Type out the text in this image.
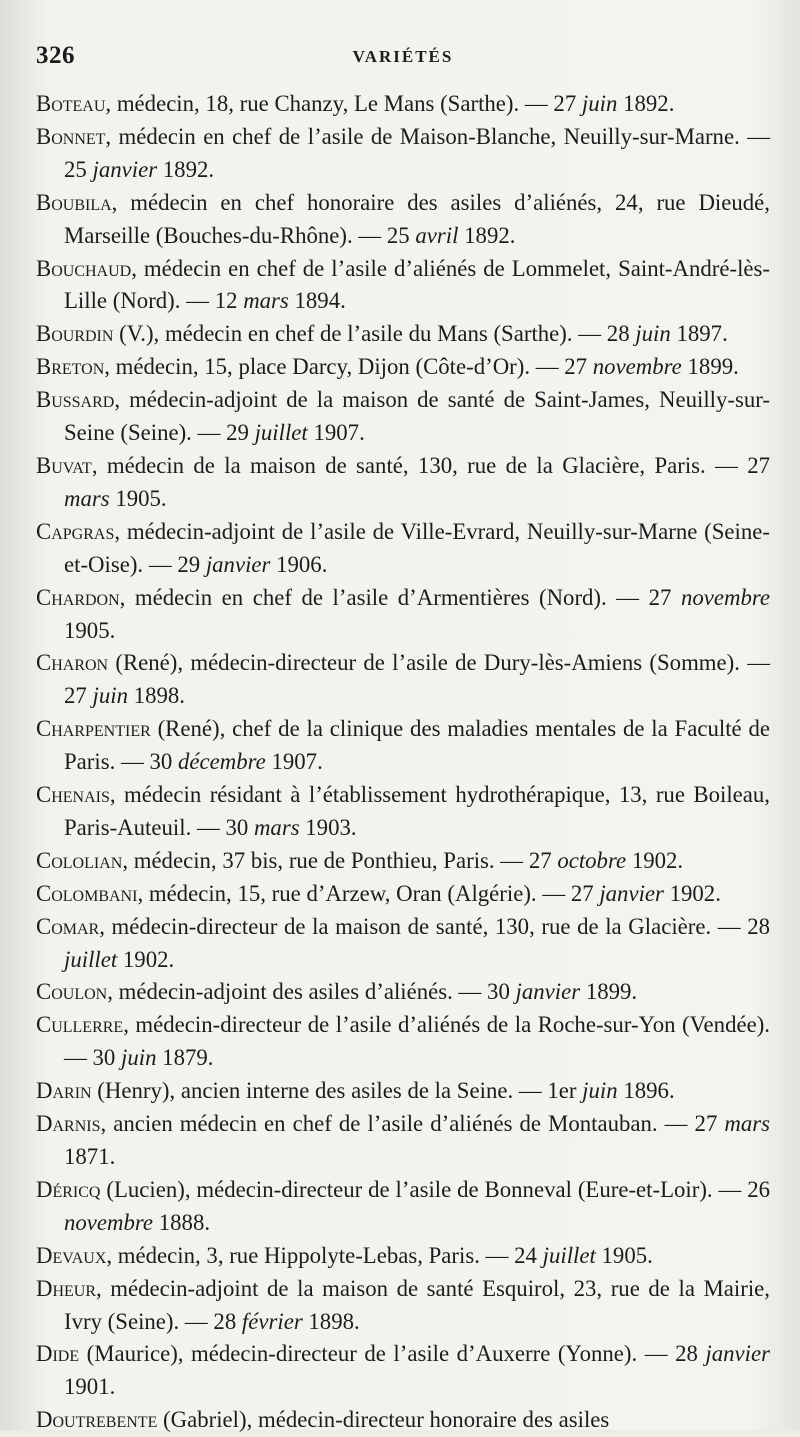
326	VARIÉTÉS
Boteau, médecin, 18, rue Chanzy, Le Mans (Sarthe). — 27 juin 1892.
Bonnet, médecin en chef de l’asile de Maison-Blanche, Neuilly-sur-Marne. — 25 janvier 1892.
Boubila, médecin en chef honoraire des asiles d’aliénés, 24, rue Dieudé, Marseille (Bouches-du-Rhône). — 25 avril 1892.
Bouchaud, médecin en chef de l’asile d’aliénés de Lommelet, Saint-André-lès-Lille (Nord). — 12 mars 1894.
Bourdin (V.), médecin en chef de l’asile du Mans (Sarthe). — 28 juin 1897.
Breton, médecin, 15, place Darcy, Dijon (Côte-d’Or). — 27 novembre 1899.
Bussard, médecin-adjoint de la maison de santé de Saint-James, Neuilly-sur-Seine (Seine). — 29 juillet 1907.
Buvat, médecin de la maison de santé, 130, rue de la Glacière, Paris. — 27 mars 1905.
Capgras, médecin-adjoint de l’asile de Ville-Evrard, Neuilly-sur-Marne (Seine-et-Oise). — 29 janvier 1906.
Chardon, médecin en chef de l’asile d’Armentières (Nord). — 27 novembre 1905.
Charon (René), médecin-directeur de l’asile de Dury-lès-Amiens (Somme). — 27 juin 1898.
Charpentier (René), chef de la clinique des maladies mentales de la Faculté de Paris. — 30 décembre 1907.
Chenais, médecin résidant à l’établissement hydrothérapique, 13, rue Boileau, Paris-Auteuil. — 30 mars 1903.
Cololian, médecin, 37 bis, rue de Ponthieu, Paris. — 27 octobre 1902.
Colombani, médecin, 15, rue d’Arzew, Oran (Algérie). — 27 janvier 1902.
Comar, médecin-directeur de la maison de santé, 130, rue de la Glacière. — 28 juillet 1902.
Coulon, médecin-adjoint des asiles d’aliénés. — 30 janvier 1899.
Cullerre, médecin-directeur de l’asile d’aliénés de la Roche-sur-Yon (Vendée). — 30 juin 1879.
Darin (Henry), ancien interne des asiles de la Seine. — 1er juin 1896.
Darnis, ancien médecin en chef de l’asile d’aliénés de Montauban. — 27 mars 1871.
Déricq (Lucien), médecin-directeur de l’asile de Bonneval (Eure-et-Loir). — 26 novembre 1888.
Devaux, médecin, 3, rue Hippolyte-Lebas, Paris. — 24 juillet 1905.
Dheur, médecin-adjoint de la maison de santé Esquirol, 23, rue de la Mairie, Ivry (Seine). — 28 février 1898.
Dide (Maurice), médecin-directeur de l’asile d’Auxerre (Yonne). — 28 janvier 1901.
Doutrebente (Gabriel), médecin-directeur honoraire des asiles
